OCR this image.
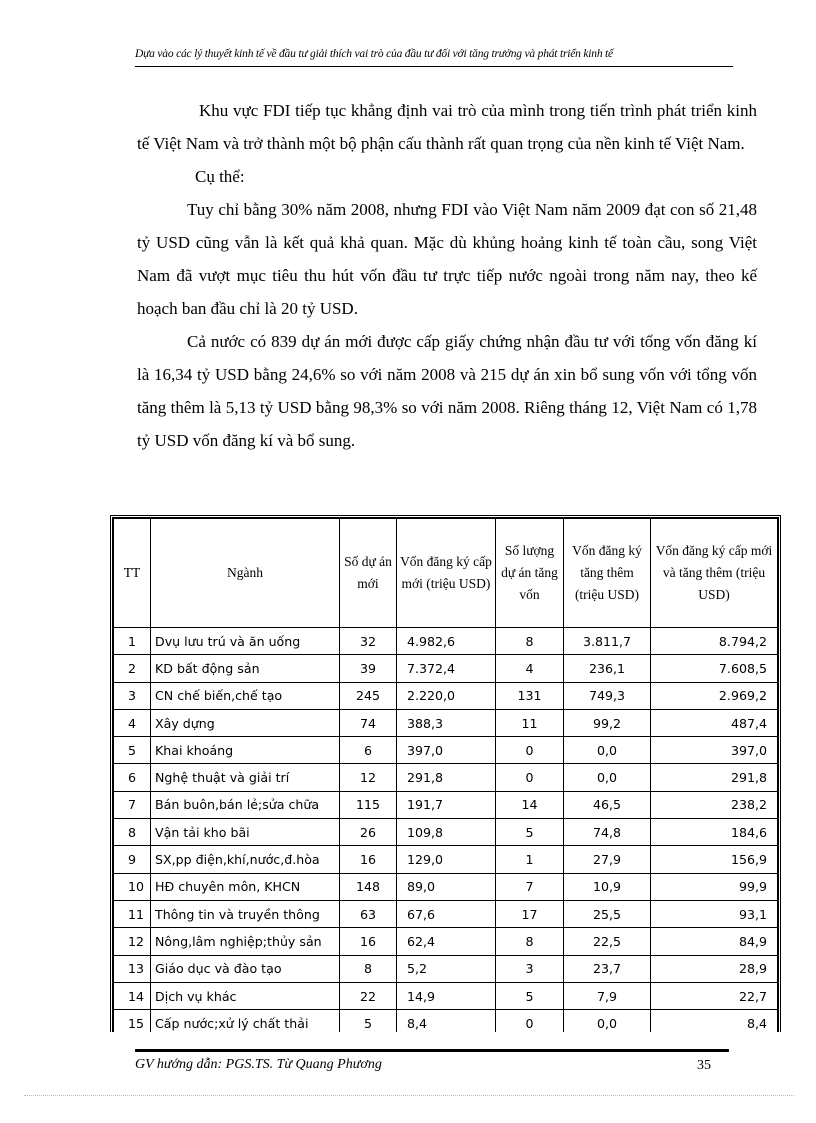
Dựa vào các lý thuyết kinh tế về đầu tư giải thích vai trò của đầu tư đối với tăng trưởng và phát triển kinh tế

Khu vực FDI tiếp tục khẳng định vai trò của mình trong tiến trình phát triển kinh tế Việt Nam và trở thành một bộ phận cấu thành rất quan trọng của nền kinh tế Việt Nam.

Cụ thể:

Tuy chỉ bằng 30% năm 2008, nhưng FDI vào Việt Nam năm 2009 đạt con số 21,48 tỷ USD cũng vẫn là kết quả khả quan. Mặc dù khủng hoảng kinh tế toàn cầu, song Việt Nam đã vượt mục tiêu thu hút vốn đầu tư trực tiếp nước ngoài trong năm nay, theo kế hoạch ban đầu chỉ là 20 tỷ USD.

Cả nước có 839 dự án mới được cấp giấy chứng nhận đầu tư với tổng vốn đăng kí là 16,34 tỷ USD bằng 24,6% so với năm 2008 và 215 dự án xin bổ sung vốn với tổng vốn tăng thêm là 5,13 tỷ USD bằng 98,3% so với năm 2008. Riêng tháng 12, Việt Nam có 1,78 tỷ USD vốn đăng kí và bổ sung.

TT	Ngành	Số dự án mới	Vốn đăng ký cấp mới (triệu USD)	Số lượng dự án tăng vốn	Vốn đăng ký tăng thêm (triệu USD)	Vốn đăng ký cấp mới và tăng thêm (triệu USD)
1	Dvụ lưu trú và ăn uống	32	4.982,6	8	3.811,7	8.794,2
2	KD bất động sản	39	7.372,4	4	236,1	7.608,5
3	CN chế biến,chế tạo	245	2.220,0	131	749,3	2.969,2
4	Xây dựng	74	388,3	11	99,2	487,4
5	Khai khoáng	6	397,0	0	0,0	397,0
6	Nghệ thuật và giải trí	12	291,8	0	0,0	291,8
7	Bán buôn,bán lẻ;sửa chữa	115	191,7	14	46,5	238,2
8	Vận tải kho bãi	26	109,8	5	74,8	184,6
9	SX,pp điện,khí,nước,đ.hòa	16	129,0	1	27,9	156,9
10	HĐ chuyên môn, KHCN	148	89,0	7	10,9	99,9
11	Thông tin và truyền thông	63	67,6	17	25,5	93,1
12	Nông,lâm nghiệp;thủy sản	16	62,4	8	22,5	84,9
13	Giáo dục và đào tạo	8	5,2	3	23,7	28,9
14	Dịch vụ khác	22	14,9	5	7,9	22,7
15	Cấp nước;xử lý chất thải	5	8,4	0	0,0	8,4
GV hướng dẫn: PGS.TS. Từ Quang Phương	35
